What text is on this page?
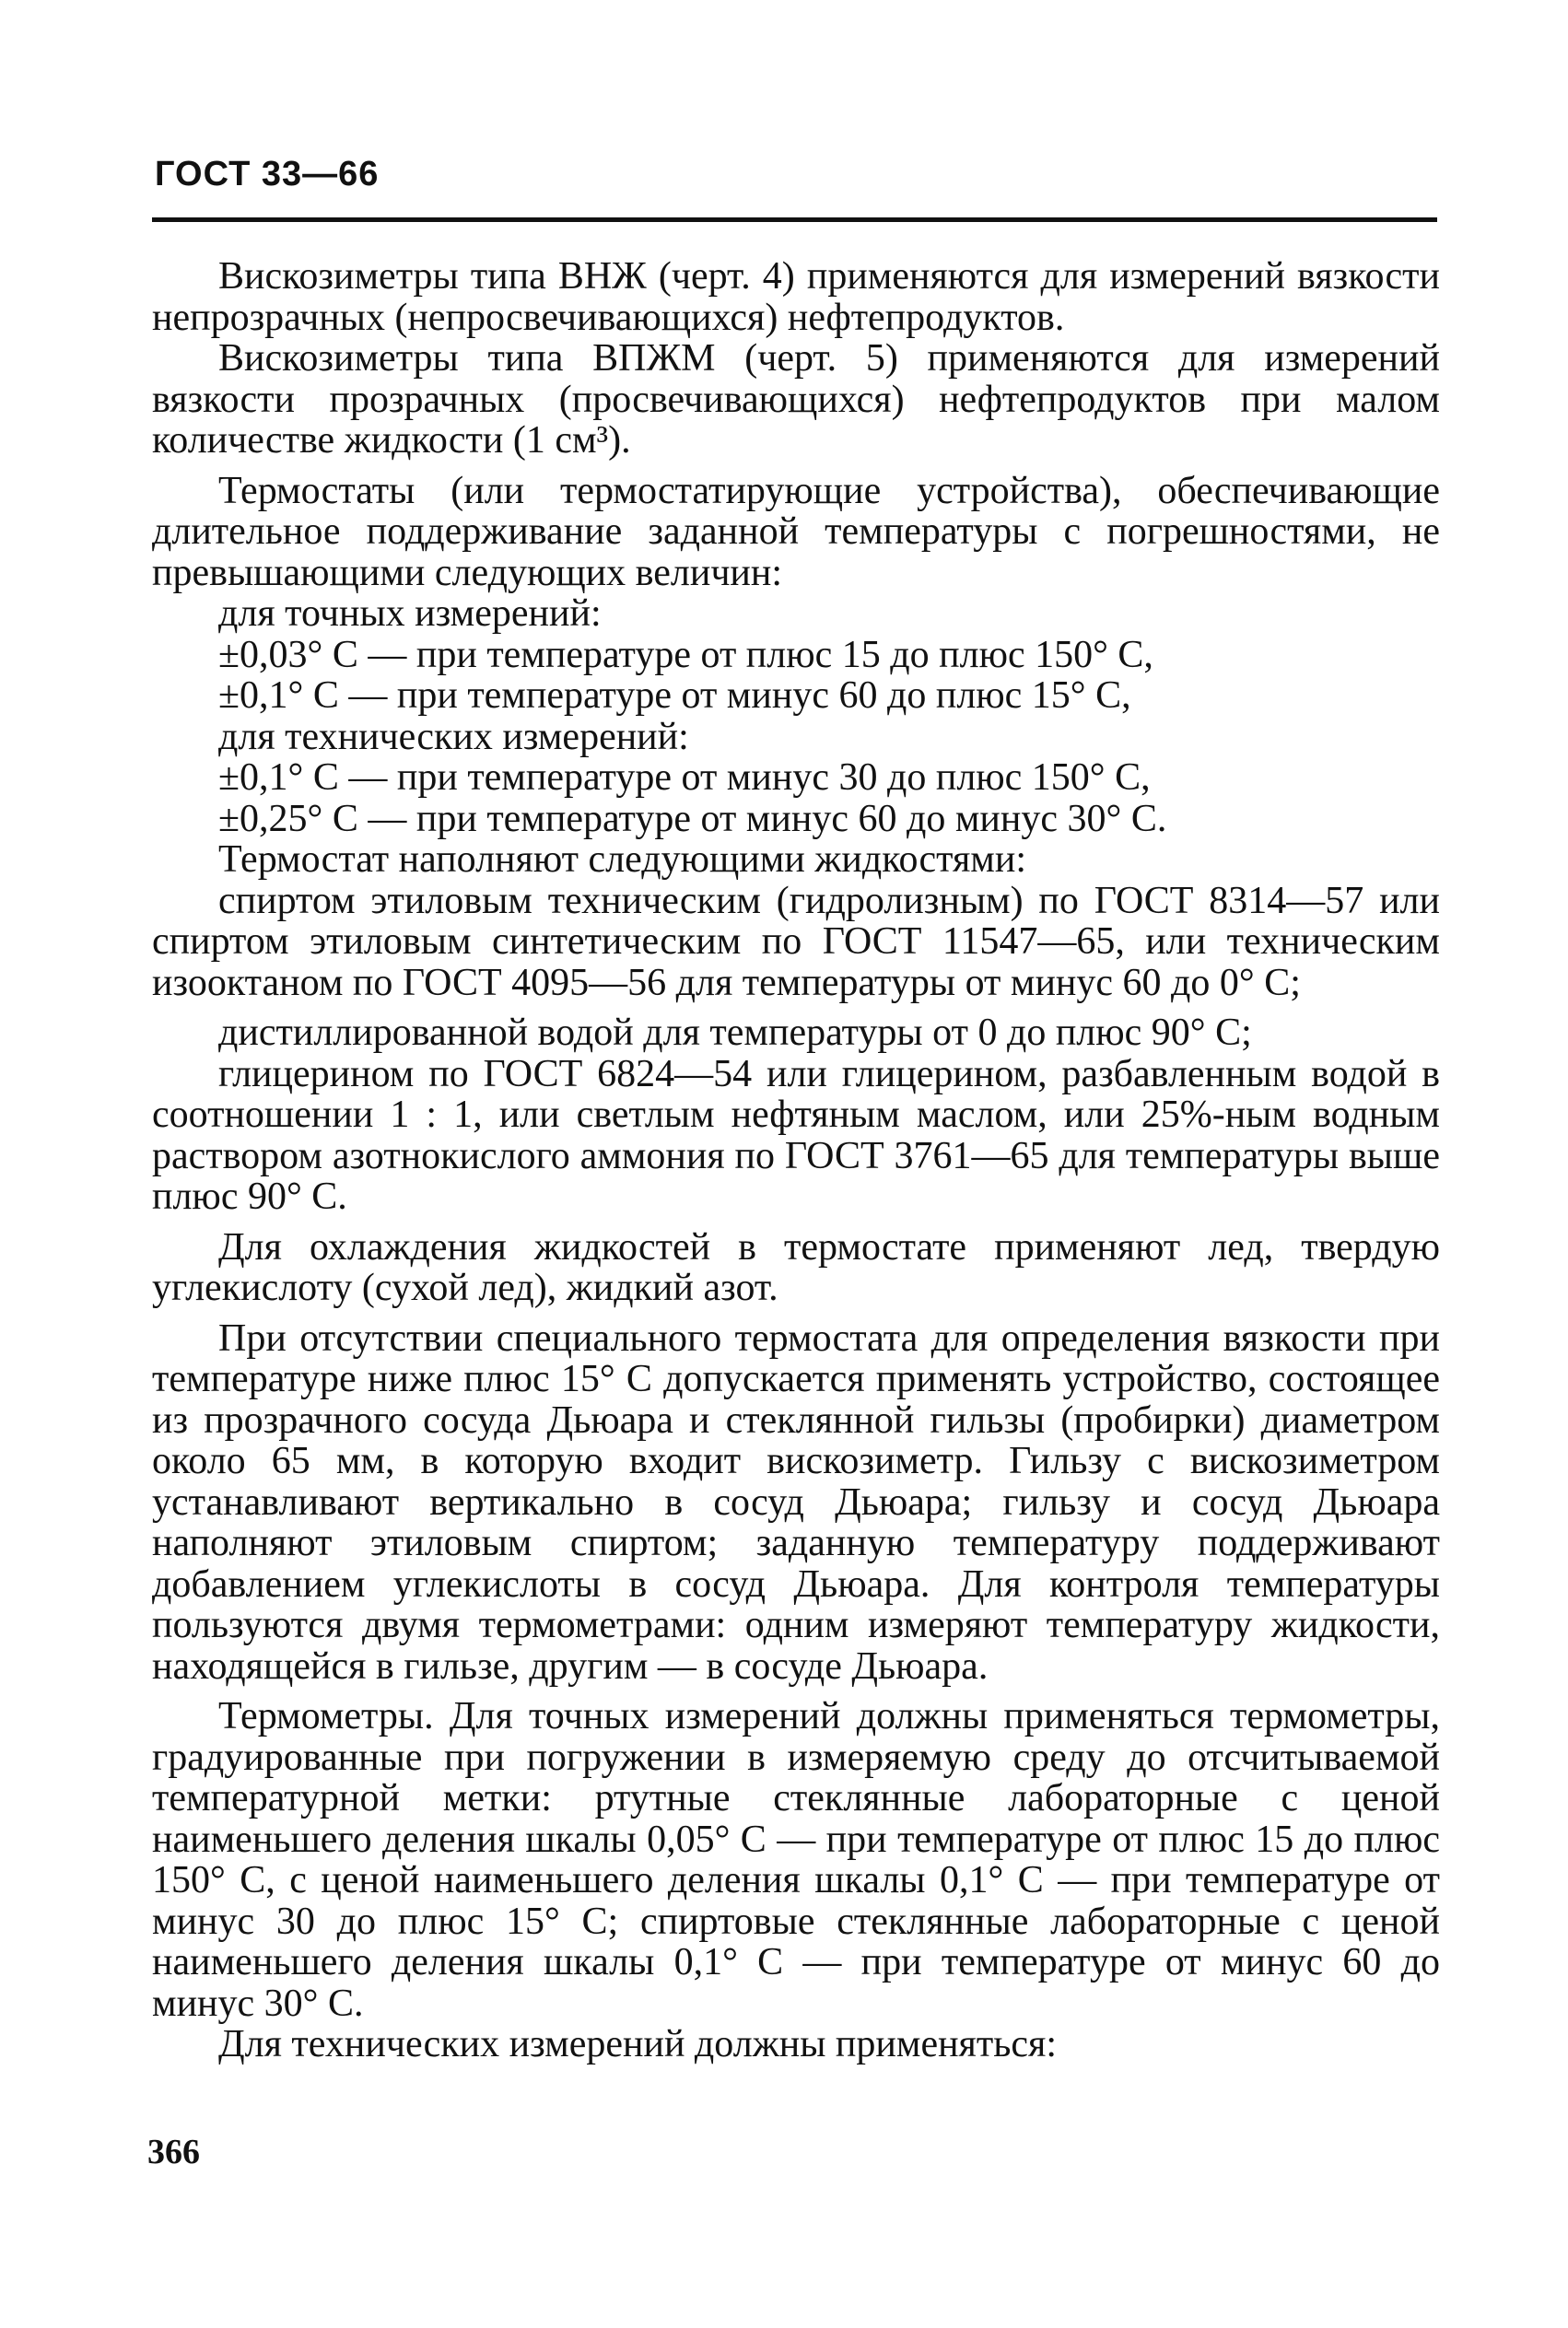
ГОСТ 33—66

Вискозиметры типа ВНЖ (черт. 4) применяются для измерений вязкости непрозрачных (непросвечивающихся) нефтепродуктов.

Вискозиметры типа ВПЖМ (черт. 5) применяются для измерений вязкости прозрачных (просвечивающихся) нефтепродуктов при малом количестве жидкости (1 см³).

Термостаты (или термостатирующие устройства), обеспечивающие длительное поддерживание заданной температуры с погрешностями, не превышающими следующих величин:

для точных измерений:

±0,03° С — при температуре от плюс 15 до плюс 150° С,

±0,1° С — при температуре от минус 60 до плюс 15° С,

для технических измерений:

±0,1° С — при температуре от минус 30 до плюс 150° С,

±0,25° С — при температуре от минус 60 до минус 30° С.

Термостат наполняют следующими жидкостями:

спиртом этиловым техническим (гидролизным) по ГОСТ 8314—57 или спиртом этиловым синтетическим по ГОСТ 11547—65, или техническим изооктаном по ГОСТ 4095—56 для температуры от минус 60 до 0° С;

дистиллированной водой для температуры от 0 до плюс 90° С;

глицерином по ГОСТ 6824—54 или глицерином, разбавленным водой в соотношении 1 : 1, или светлым нефтяным маслом, или 25%-ным водным раствором азотнокислого аммония по ГОСТ 3761—65 для температуры выше плюс 90° С.

Для охлаждения жидкостей в термостате применяют лед, твердую углекислоту (сухой лед), жидкий азот.

При отсутствии специального термостата для определения вязкости при температуре ниже плюс 15° С допускается применять устройство, состоящее из прозрачного сосуда Дьюара и стеклянной гильзы (пробирки) диаметром около 65 мм, в которую входит вискозиметр. Гильзу с вискозиметром устанавливают вертикально в сосуд Дьюара; гильзу и сосуд Дьюара наполняют этиловым спиртом; заданную температуру поддерживают добавлением углекислоты в сосуд Дьюара. Для контроля температуры пользуются двумя термометрами: одним измеряют температуру жидкости, находящейся в гильзе, другим — в сосуде Дьюара.

Термометры. Для точных измерений должны применяться термометры, градуированные при погружении в измеряемую среду до отсчитываемой температурной метки: ртутные стеклянные лабораторные с ценой наименьшего деления шкалы 0,05° С — при температуре от плюс 15 до плюс 150° С, с ценой наименьшего деления шкалы 0,1° С — при температуре от минус 30 до плюс 15° С; спиртовые стеклянные лабораторные с ценой наименьшего деления шкалы 0,1° С — при температуре от минус 60 до минус 30° С.

Для технических измерений должны применяться:

366
